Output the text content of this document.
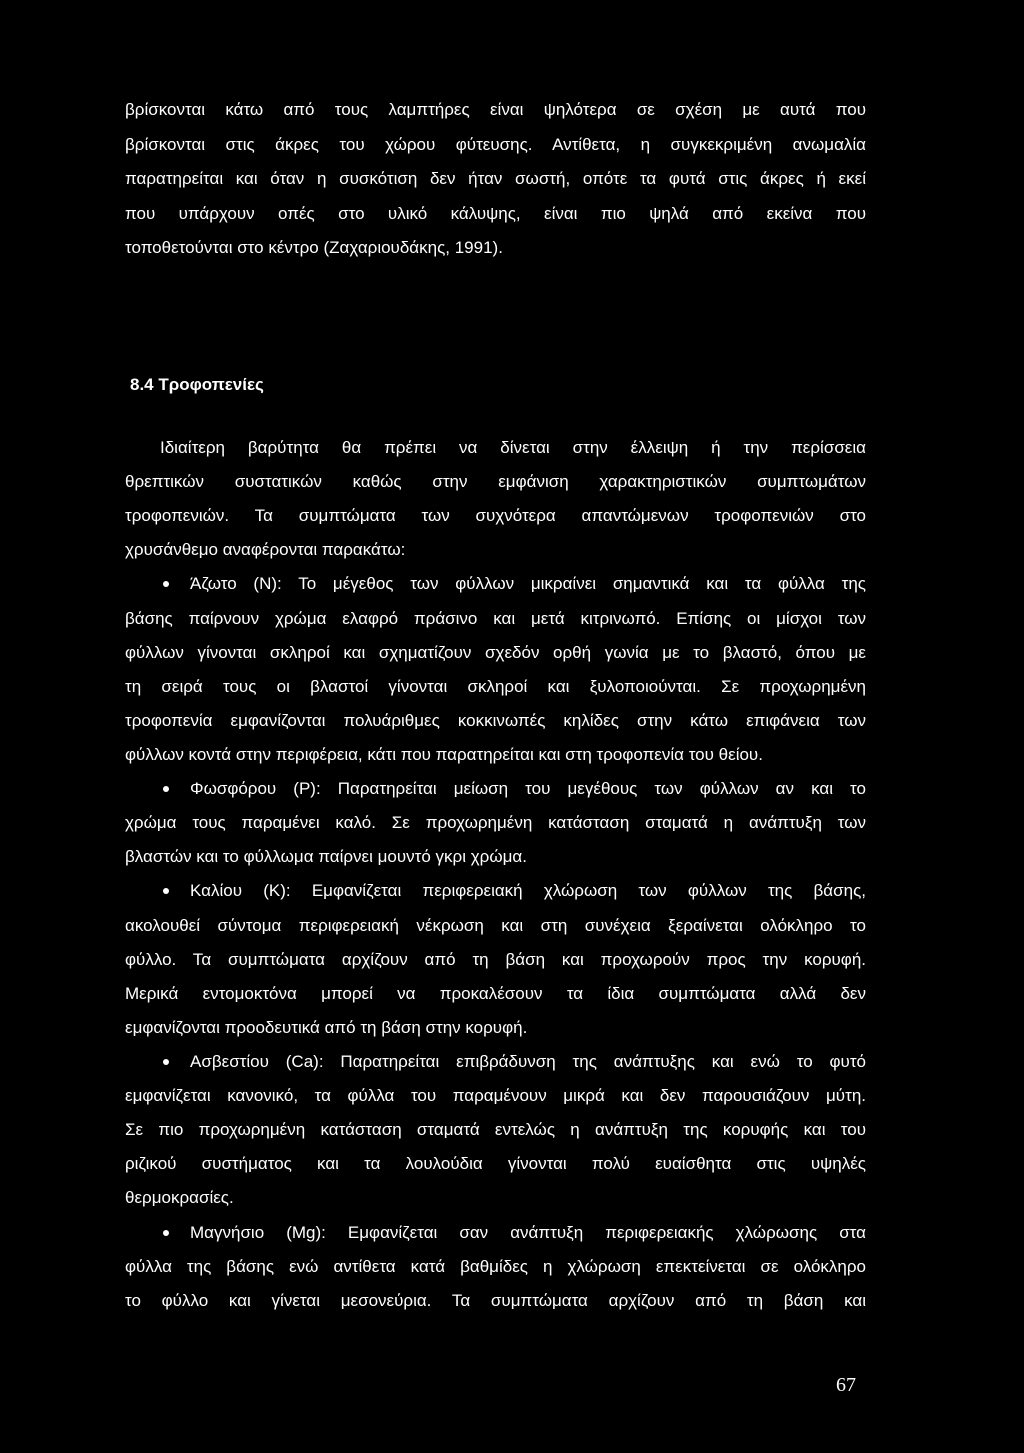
βρίσκονται κάτω από τους λαμπτήρες είναι ψηλότερα σε σχέση με αυτά που
βρίσκονται στις άκρες του χώρου φύτευσης. Αντίθετα, η συγκεκριμένη ανωμαλία
παρατηρείται και όταν η συσκότιση δεν ήταν σωστή, οπότε τα φυτά στις άκρες ή εκεί
που υπάρχουν οπές στο υλικό κάλυψης, είναι πιο ψηλά από εκείνα που
τοποθετούνται στο κέντρο (Ζαχαριουδάκης, 1991).
8.4 Τροφοπενίες
Ιδιαίτερη βαρύτητα θα πρέπει να δίνεται στην έλλειψη ή την περίσσεια
θρεπτικών συστατικών καθώς στην εμφάνιση χαρακτηριστικών συμπτωμάτων
τροφοπενιών. Τα συμπτώματα των συχνότερα απαντώμενων τροφοπενιών στο
χρυσάνθεμο αναφέρονται παρακάτω:
Άζωτο (N): Το μέγεθος των φύλλων μικραίνει σημαντικά και τα φύλλα της
βάσης παίρνουν χρώμα ελαφρό πράσινο και μετά κιτρινωπό. Επίσης οι μίσχοι των
φύλλων γίνονται σκληροί και σχηματίζουν σχεδόν ορθή γωνία με το βλαστό, όπου με
τη σειρά τους οι βλαστοί γίνονται σκληροί και ξυλοποιούνται. Σε προχωρημένη
τροφοπενία εμφανίζονται πολυάριθμες κοκκινωπές κηλίδες στην κάτω επιφάνεια των
φύλλων κοντά στην περιφέρεια, κάτι που παρατηρείται και στη τροφοπενία του θείου.
Φωσφόρου (P): Παρατηρείται μείωση του μεγέθους των φύλλων αν και το
χρώμα τους παραμένει καλό. Σε προχωρημένη κατάσταση σταματά η ανάπτυξη των
βλαστών και το φύλλωμα παίρνει μουντό γκρι χρώμα.
Καλίου (K): Εμφανίζεται περιφερειακή χλώρωση των φύλλων της βάσης,
ακολουθεί σύντομα περιφερειακή νέκρωση και στη συνέχεια ξεραίνεται ολόκληρο το
φύλλο. Τα συμπτώματα αρχίζουν από τη βάση και προχωρούν προς την κορυφή.
Μερικά εντομοκτόνα μπορεί να προκαλέσουν τα ίδια συμπτώματα αλλά δεν
εμφανίζονται προοδευτικά από τη βάση στην κορυφή.
Ασβεστίου (Ca): Παρατηρείται επιβράδυνση της ανάπτυξης και ενώ το φυτό
εμφανίζεται κανονικό, τα φύλλα του παραμένουν μικρά και δεν παρουσιάζουν μύτη.
Σε πιο προχωρημένη κατάσταση σταματά εντελώς η ανάπτυξη της κορυφής και του
ριζικού συστήματος και τα λουλούδια γίνονται πολύ ευαίσθητα στις υψηλές
θερμοκρασίες.
Μαγνήσιο (Mg): Εμφανίζεται σαν ανάπτυξη περιφερειακής χλώρωσης στα
φύλλα της βάσης ενώ αντίθετα κατά βαθμίδες η χλώρωση επεκτείνεται σε ολόκληρο
το φύλλο και γίνεται μεσονεύρια. Τα συμπτώματα αρχίζουν από τη βάση και
67
